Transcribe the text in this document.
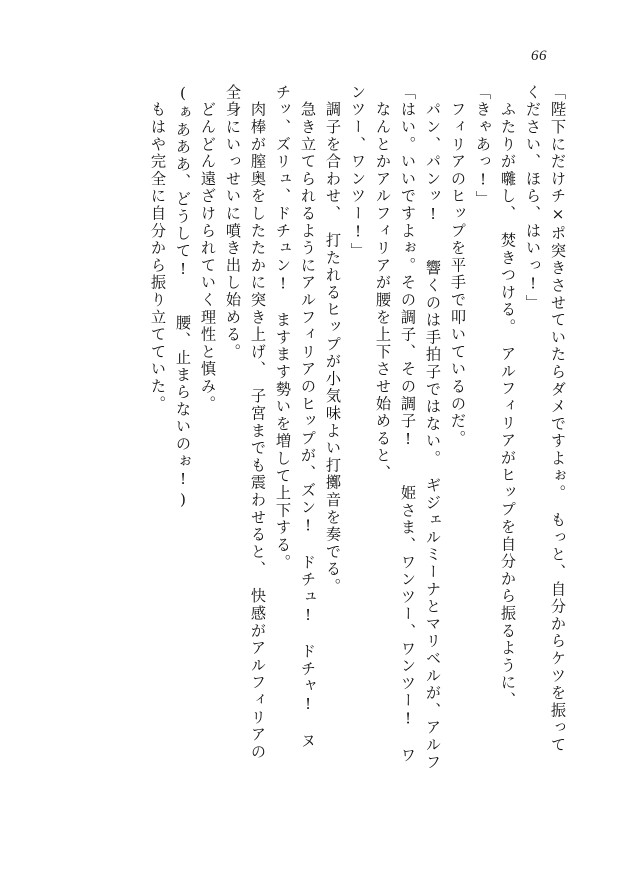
66
「陛下にだけチ×ポ突きさせていたらダメですよぉ。　もっと、自分からケツを振って
ください、ほら、はいっ!」
　ふたりが囃し、　焚きつける。　アルフィリアがヒップを自分から振るように、
「きゃあっ!」
　フィリアのヒップを平手で叩いているのだ。
　パン、パンッ!　　響くのは手拍子ではない。　ギジェルミーナとマリベルが、アルフ
「はい。いいですよぉ。その調子、その調子!　　姫さま、ワンツー、ワンツー!　ワ
　なんとかアルフィリアが腰を上下させ始めると、
ンツー、ワンツー!」
　調子を合わせ、　打たれるヒップが小気味よい打擲音を奏でる。
　急き立てられるようにアルフィリアのヒップが、ズン!　ドチュ!　ドチャ!　ヌ
チッ、ズリュ、ドチュン!　ますます勢いを増して上下する。
　肉棒が膣奥をしたたかに突き上げ、　子宮までも震わせると、　快感がアルフィリアの
全身にいっせいに噴き出し始める。
　どんどん遠ざけられていく理性と慎み。
(ぁあああ、どうして!　　腰、止まらないのぉ!)
　もはや完全に自分から振り立てていた。
